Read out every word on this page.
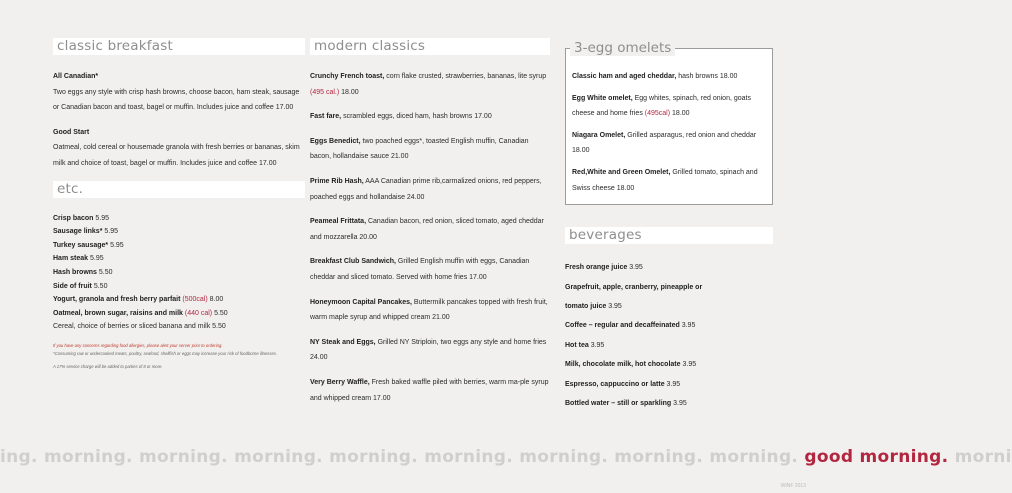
classic breakfast
All Canadian*
Two eggs any style with crisp hash browns, choose bacon, ham steak, sausage or Canadian bacon and toast, bagel or muffin. Includes juice and coffee 17.00
Good Start
Oatmeal, cold cereal or housemade granola with fresh berries or bananas, skim milk and choice of toast, bagel or muffin. Includes juice and coffee 17.00
etc.
Crisp bacon 5.95
Sausage links* 5.95
Turkey sausage* 5.95
Ham steak 5.95
Hash browns 5.50
Side of fruit 5.50
Yogurt, granola and fresh berry parfait (500cal) 8.00
Oatmeal, brown sugar, raisins and milk (440 cal) 5.50
Cereal, choice of berries or sliced banana and milk 5.50
If you have any concerns regarding food allergies, please alert your server prior to ordering.
*Consuming raw or undercooked meats, poultry, seafood, shellfish or eggs may increase your risk of foodborne illnesses.
A 17% service charge will be added to parties of 8 or more.
modern classics
Crunchy French toast, corn flake crusted, strawberries, bananas, lite syrup (495 cal.) 18.00
Fast fare, scrambled eggs, diced ham, hash browns 17.00
Eggs Benedict, two poached eggs*, toasted English muffin, Canadian bacon, hollandaise sauce 21.00
Prime Rib Hash, AAA Canadian prime rib,carmalized onions, red peppers, poached eggs and hollandaise 24.00
Peameal Frittata, Canadian bacon, red onion, sliced tomato, aged cheddar and mozzarella 20.00
Breakfast Club Sandwich, Grilled English muffin with eggs, Canadian cheddar and sliced tomato. Served with home fries 17.00
Honeymoon Capital Pancakes, Buttermilk pancakes topped with fresh fruit, warm maple syrup and whipped cream 21.00
NY Steak and Eggs, Grilled NY Striploin, two eggs any style and home fries 24.00
Very Berry Waffle, Fresh baked waffle piled with berries, warm ma-ple syrup and whipped cream 17.00
3-egg omelets
Classic ham and aged cheddar, hash browns 18.00
Egg White omelet, Egg whites, spinach, red onion, goats cheese and home fries (495cal) 18.00
Niagara Omelet, Grilled asparagus, red onion and cheddar 18.00
Red,White and Green Omelet, Grilled tomato, spinach and Swiss cheese 18.00
beverages
Fresh orange juice 3.95
Grapefruit, apple, cranberry, pineapple or
tomato juice 3.95
Coffee – regular and decaffeinated 3.95
Hot tea 3.95
Milk, chocolate milk, hot chocolate 3.95
Espresso, cappuccino or latte 3.95
Bottled water – still or sparkling 3.95
ing. morning. morning. morning. morning. morning. morning. morning. morning. good morning. morni
WINF 2013
